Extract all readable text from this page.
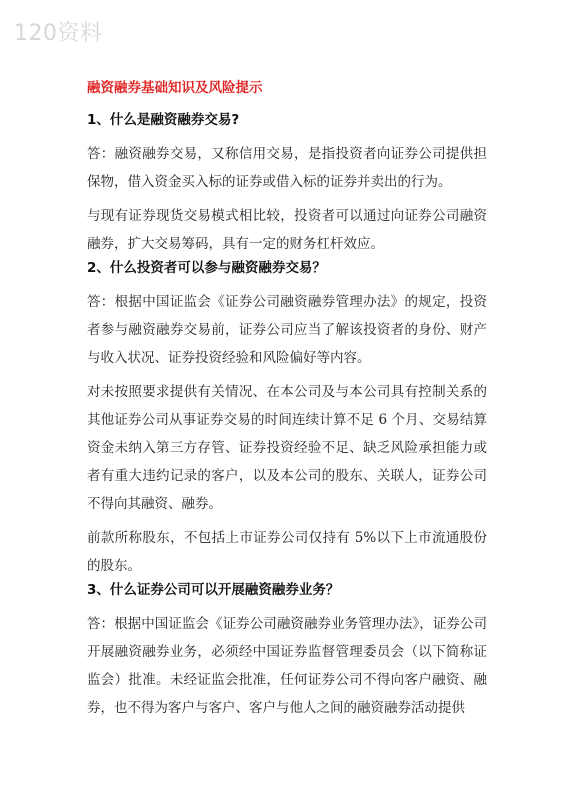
120资料
融资融券基础知识及风险提示
1、什么是融资融券交易?
答：融资融券交易，又称信用交易，是指投资者向证券公司提供担保物，借入资金买入标的证券或借入标的证券并卖出的行为。
与现有证券现货交易模式相比较，投资者可以通过向证券公司融资融券，扩大交易筹码，具有一定的财务杠杆效应。
2、什么投资者可以参与融资融券交易？
答：根据中国证监会《证券公司融资融券管理办法》的规定，投资者参与融资融券交易前，证券公司应当了解该投资者的身份、财产与收入状况、证券投资经验和风险偏好等内容。
对未按照要求提供有关情况、在本公司及与本公司具有控制关系的其他证券公司从事证券交易的时间连续计算不足 6 个月、交易结算资金未纳入第三方存管、证券投资经验不足、缺乏风险承担能力或者有重大违约记录的客户，以及本公司的股东、关联人，证券公司不得向其融资、融券。
前款所称股东，不包括上市证券公司仅持有 5%以下上市流通股份的股东。
3、什么证券公司可以开展融资融券业务？
答：根据中国证监会《证券公司融资融券业务管理办法》，证券公司开展融资融券业务，必须经中国证券监督管理委员会（以下简称证监会）批准。未经证监会批准，任何证券公司不得向客户融资、融券，也不得为客户与客户、客户与他人之间的融资融券活动提供
